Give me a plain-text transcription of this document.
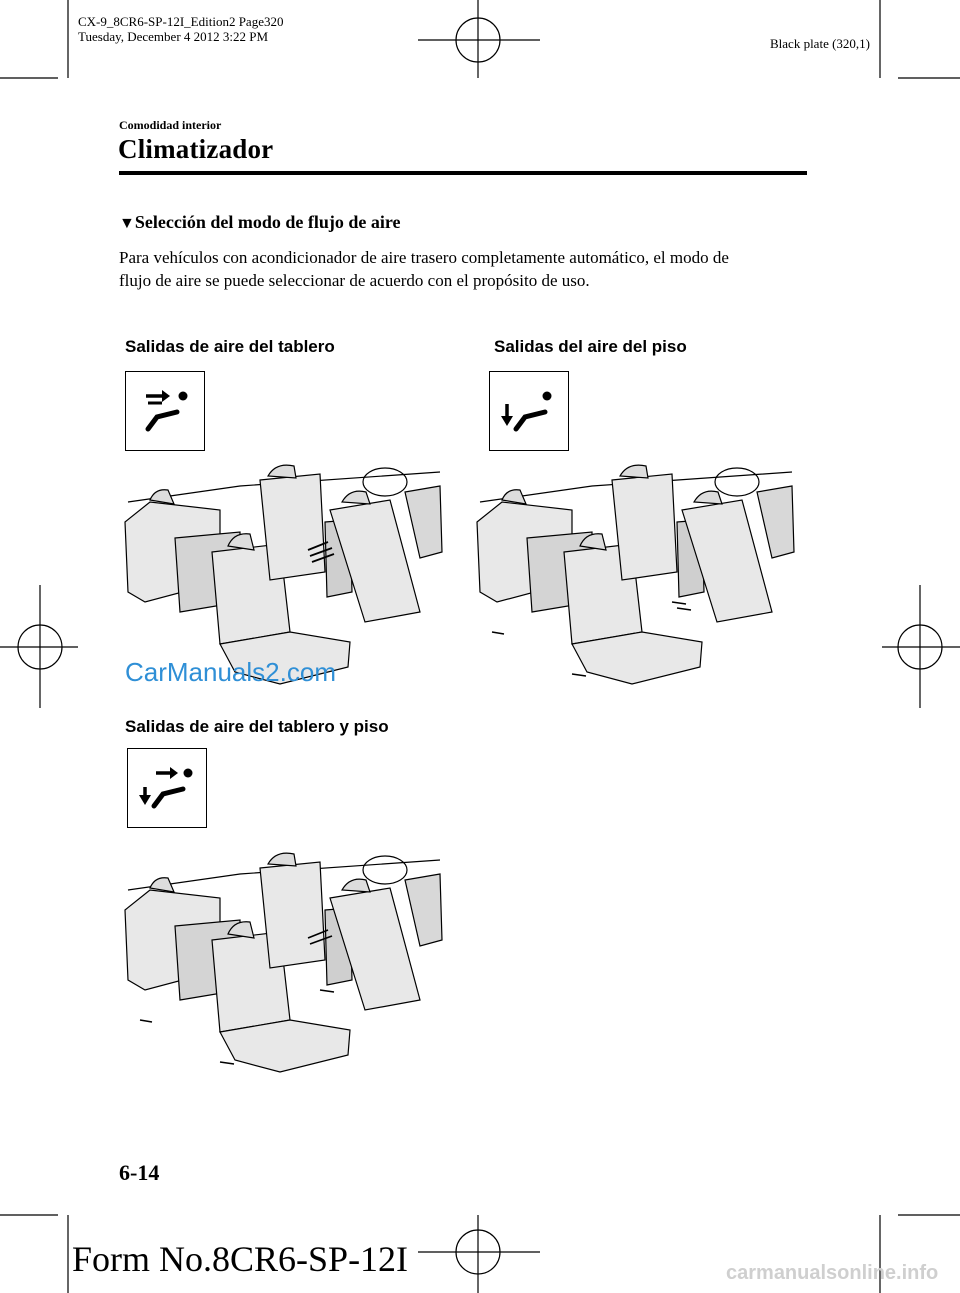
CX-9_8CR6-SP-12I_Edition2 Page320
Tuesday, December 4 2012 3:22 PM	Black plate (320,1)
Comodidad interior
Climatizador
▼Selección del modo de flujo de aire
Para vehículos con acondicionador de aire trasero completamente automático, el modo de
flujo de aire se puede seleccionar de acuerdo con el propósito de uso.
Salidas de aire del tablero	Salidas del aire del piso
CarManuals2.com
Salidas de aire del tablero y piso
6-14
Form No.8CR6-SP-12I	carmanualsonline.info
